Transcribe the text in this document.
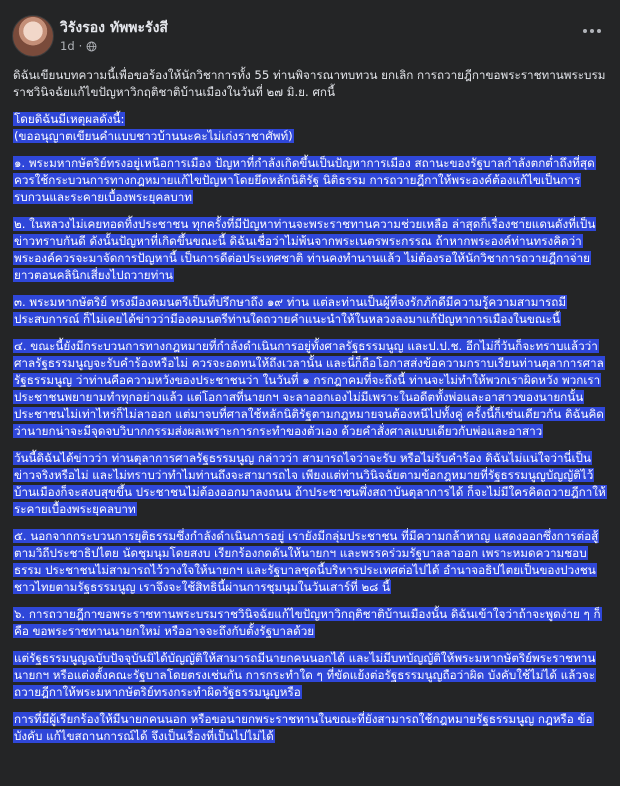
วิรังรอง ทัพพะรังสี
1d ·
ดิฉันเขียนบทความนี้เพื่อขอร้องให้นักวิชาการทั้ง 55 ท่านพิจารณาทบทวน ยกเลิก การถวายฎีกาขอพระราชทานพระบรมราชวินิจฉัยแก้ไขปัญหาวิกฤติชาติบ้านเมืองในวันที่ ๒๗ มิ.ย. ศกนี้
โดยดิฉันมีเหตุผลดังนี้:
(ขออนุญาตเขียนคำแบบชาวบ้านนะคะไม่เก่งราชาศัพท์)
๑. พระมหากษัตริย์ทรงอยู่เหนือการเมือง ปัญหาที่กำลังเกิดขึ้นเป็นปัญหาการเมือง สถานะของรัฐบาลกำลังตกต่ำถึงที่สุด ควรใช้กระบวนการทางกฎหมายแก้ไขปัญหาโดยยึดหลักนิติรัฐ นิติธรรม การถวายฎีกาให้พระองค์ต้องแก้ไขเป็นการรบกวนและระคายเบื้องพระยุคลบาท
๒. ในหลวงไม่เคยทอดทิ้งประชาชน ทุกครั้งที่มีปัญหาท่านจะพระราชทานความช่วยเหลือ ล่าสุดก็เรื่องชายแดนดังที่เป็นข่าวทราบกันดี ดังนั้นปัญหาที่เกิดขึ้นขณะนี้ ดิฉันเชื่อว่าไม่พ้นจากพระเนตรพระกรรณ ถ้าหากพระองค์ท่านทรงคิดว่าพระองค์ควรจะมาจัดการปัญหานี้ เป็นการดีต่อประเทศชาติ ท่านคงทำนานแล้ว ไม่ต้องรอให้นักวิชาการถวายฎีกาจ่ายยาวตอนคลินิกเสี่ยงไปถวายท่าน
๓. พระมหากษัตริย์ ทรงมีองคมนตรีเป็นที่ปรึกษาถึง ๑๙ ท่าน แต่ละท่านเป็นผู้ที่จงรักภักดีมีความรู้ความสามารถมีประสบการณ์ ก็ไม่เคยได้ข่าวว่ามีองคมนตรีท่านใดถวายคำแนะนำให้ในหลวงลงมาแก้ปัญหาการเมืองในขณะนี้
๔. ขณะนี้ยังมีกระบวนการทางกฎหมายที่กำลังดำเนินการอยู่ทั้งศาลรัฐธรรมนูญ และป.ป.ช. อีกไม่กี่วันก็จะทราบแล้วว่าศาลรัฐธรรมนูญจะรับคำร้องหรือไม่ ควรจะอดทนให้ถึงเวลานั้น และนี่ก็ถือโอกาสส่งข้อความกราบเรียนท่านตุลาการศาลรัฐธรรมนูญ ว่าท่านคือความหวังของประชาชนว่า ในวันที่ ๑ กรกฎาคมที่จะถึงนี้ ท่านจะไม่ทำให้พวกเราผิดหวัง พวกเราประชาชนพยายามทำทุกอย่างแล้ว แต่โอกาสที่นายกฯ จะลาออกเองไม่มีเพราะในอดีตทั้งพ่อและอาสาวของนายกนั้น ประชาชนไม่เท่าไหร่ก็ไม่ลาออก แต่มาจบที่ศาลใช้หลักนิติรัฐตามกฎหมายจนต้องหนีไปทั้งคู่ ครั้งนี้ก็เช่นเดียวกัน ดิฉันคิดว่านายกน่าจะมีจุดจบวิบากกรรมส่งผลเพราะการกระทำของตัวเอง ด้วยคำสั่งศาลแบบเดียวกับพ่อและอาสาว
วันนี้ดิฉันได้ข่าวว่า ท่านตุลาการศาลรัฐธรรมนูญ กล่าวว่า สามารถไจว่าจะรับ หรือไม่รับคำร้อง ดิฉันไม่แน่ใจว่านี่เป็นข่าวจริงหรือไม่ และไม่ทราบว่าทำไมท่านถึงจะสามารถไจ เพียงแต่ท่านวินิจฉัยตามข้อกฎหมายที่รัฐธรรมนูญบัญญัติไว้ บ้านเมืองก็จะสงบสุขขึ้น ประชาชนไม่ต้องออกมาลงถนน ถ้าประชาชนพึ่งสถาบันตุลาการได้ ก็จะไม่มีใครคิดถวายฎีกาให้ระคายเบื้องพระยุคลบาท
๕. นอกจากกระบวนการยุติธรรมซึ่งกำลังดำเนินการอยู่ เรายังมีกลุ่มประชาชน ที่มีความกล้าหาญ แสดงออกซึ่งการต่อสู้ตามวิถีประชาธิปไตย นัดชุมนุมโดยสงบ เรียกร้องกดดันให้นายกฯ และพรรคร่วมรัฐบาลลาออก เพราะหมดความชอบธรรม ประชาชนไม่สามารถไว้วางใจให้นายกฯ และรัฐบาลชุดนี้บริหารประเทศต่อไปได้ อำนาจอธิปไตยเป็นของปวงชนชาวไทยตามรัฐธรรมนูญ เราจึงจะใช้สิทธินี้ผ่านการชุมนุมในวันเสาร์ที่ ๒๘ นี้
๖. การถวายฎีกาขอพระราชทานพระบรมราชวินิจฉัยแก้ไขปัญหาวิกฤติชาติบ้านเมืองนั้น ดิฉันเข้าใจว่าถ้าจะพูดง่าย ๆ ก็คือ ขอพระราชทานนายกใหม่ หรืออาจจะถึงกับตั้งรัฐบาลด้วย
แต่รัฐธรรมนูญฉบับปัจจุบันมิได้บัญญัติให้สามารถมีนายกคนนอกได้ และไม่มีบทบัญญัติให้พระมหากษัตริย์พระราชทานนายกฯ หรือแต่งตั้งคณะรัฐบาลโดยตรงเช่นกัน การกระทำใด ๆ ที่ขัดแย้งต่อรัฐธรรมนูญถือว่าผิด บังคับใช้ไม่ได้ แล้วจะถวายฎีกาให้พระมหากษัตริย์ทรงกระทำผิดรัฐธรรมนูญหรือ
การที่มีผู้เรียกร้องให้มีนายกคนนอก หรือขอนายกพระราชทานในขณะที่ยังสามารถใช้กฎหมายรัฐธรรมนูญ กฎหรือ ข้อบังคับ แก้ไขสถานการณ์ได้ จึงเป็นเรื่องที่เป็นไปไม่ได้
